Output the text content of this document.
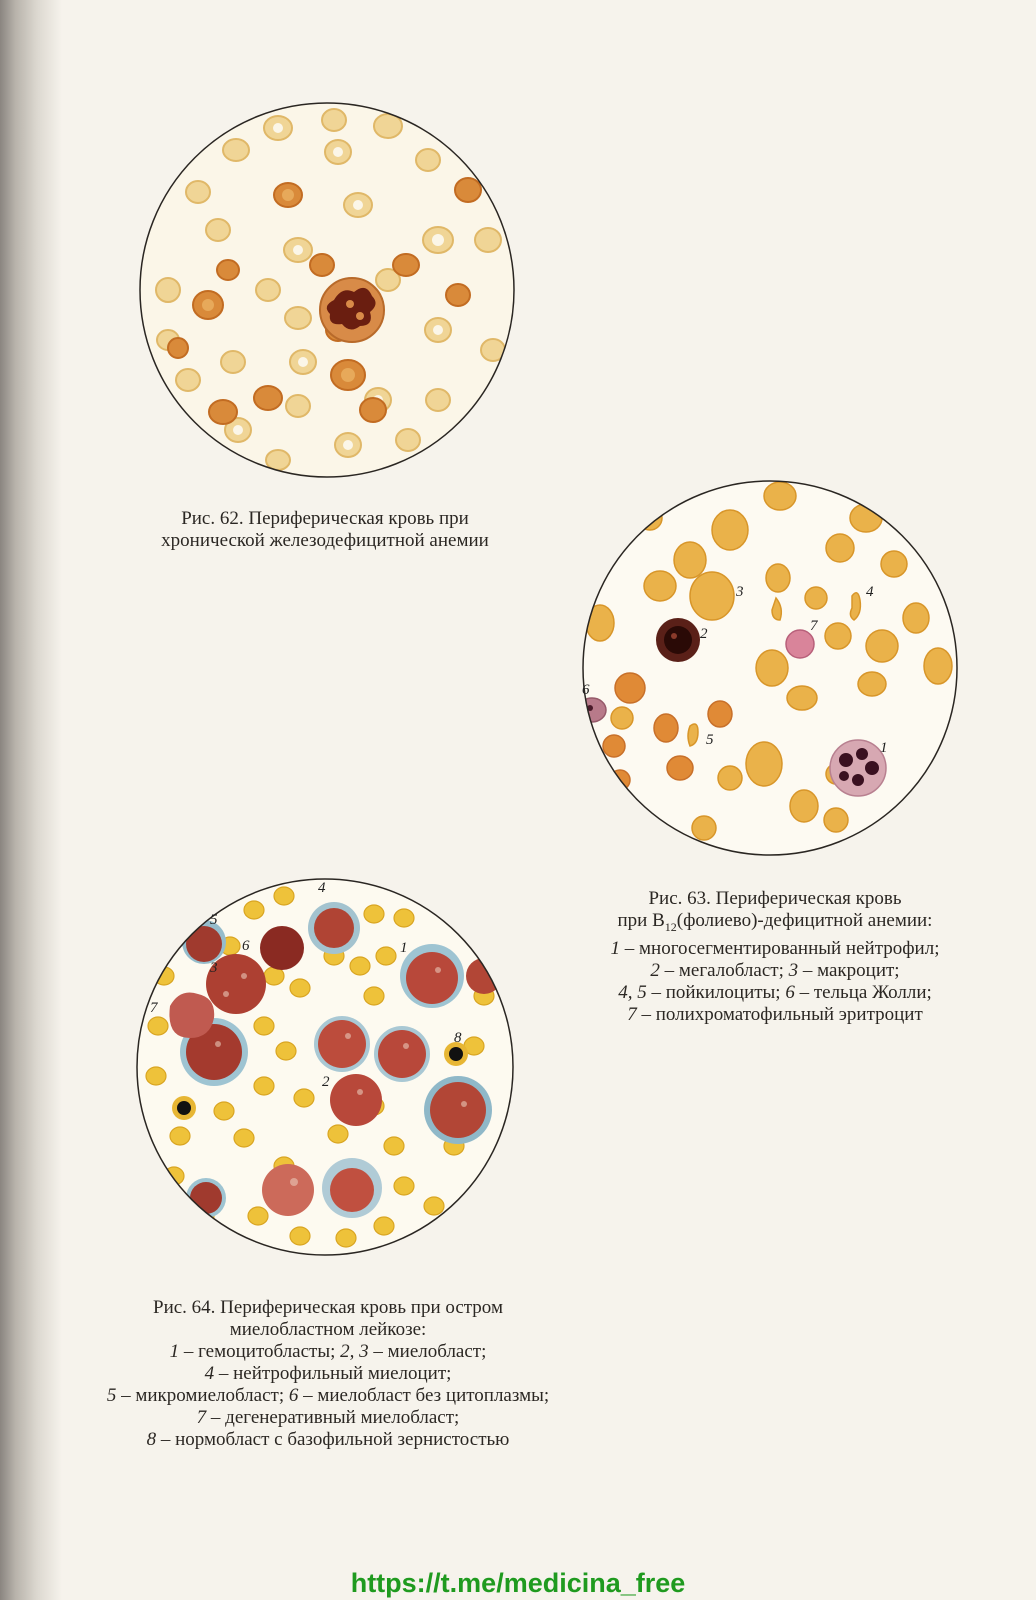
Рис. 62. Периферическая кровь при
хронической железодефицитной анемии
1
2
3	4
5
6
7
Рис. 63. Периферическая кровь
при $B_{12}(фолиево)$-дефицитной анемии:
1 – многосегментированный нейтрофил;
2 – мегалобласт; 3 – макроцит;
4, 5 – пойкилоциты; 6 – тельца Жолли;
7 – полихроматофильный эритроцит
1
2
3
4
5
6
7
8
Рис. 64. Периферическая кровь при остром
миелобластном лейкозе:
1 – гемоцитобласты; 2, 3 – миелобласт;
4 – нейтрофильный миелоцит;
5 – микромиелобласт; 6 – миелобласт без цитоплазмы;
7 – дегенеративный миелобласт;
8 – нормобласт с базофильной зернистостью
https://t.me/medicina_free
